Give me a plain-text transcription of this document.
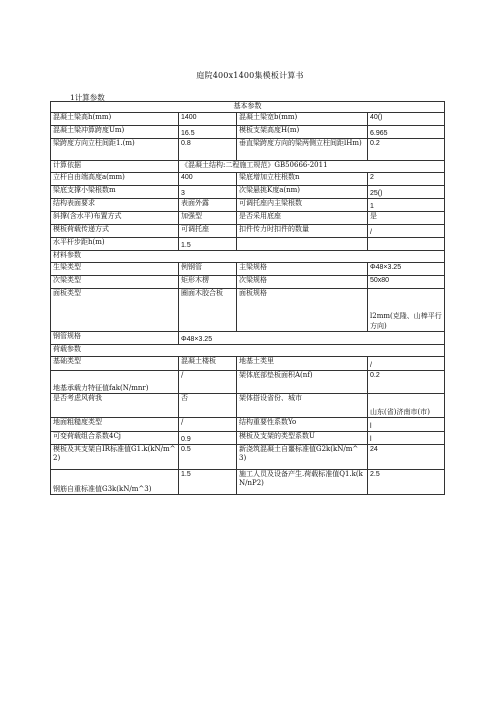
庭院400x1400集模板计算书
1计算参数
基本参数			
混凝土梁高h(mm)	1400	混凝土梁宽b(mm)	40()
混凝土梁冲算跨度Um)	16.5	模板支架高度H(m)	6.965
梁跨度方向立柱间距1.(m)	0.8	垂直梁跨度方向的梁两侧立柱间距lHm)	0.2
计算依据	《混凝土结构:二程施工规范》GB50666-2011		
立杆自由端高度a(mm)	400	梁底增加立柱根数n	2
梁底支撑小梁根数m	3	次梁悬挑K度a(nm)	25()
结构表面要求	表面外露	可调托座内主梁根数	1
斜撑(含水平)布置方式	加强型	是否采用底座	是
模板荷载传递方式	可调托座	扣件传力时扣件的数量	/
水平杆步距h(m)	1.5		
材料参数			
生梁类型	例钢管	主梁规格	Φ48×3.25
次梁类型	矩形木楞	次梁规格	50x80
面板类型	圈面木胶合板	面板规格	l2mm(克隆、山棒平行方向)
钢管规格	Φ48×3.25		
荷载参数			
基础类型	混凝土楼板	地基土类里	/
地基承载力特征值fak(N/mnr)	/	架体底部垫板面积A(nf)	0.2
是否考虑风荷我	否	架体搭设省份、城市	山东(省)济南市(市)
地面粗糙度类型	/	结构重要性系数Yo	l
可变荷载组合系数4Cj	0.9	模板及支架的类型系数U	l
模板及其支架自IR标准值G1.k(kN/m^2)	0.5	新浇筑混凝土自噩标准值G2k(kN/m^3)	24
钢筋自重标准值G3k(kN/m^3)	1.5	施工人员及设备产生.荷载标准值Q1.k(kN/nP2)	2.5
